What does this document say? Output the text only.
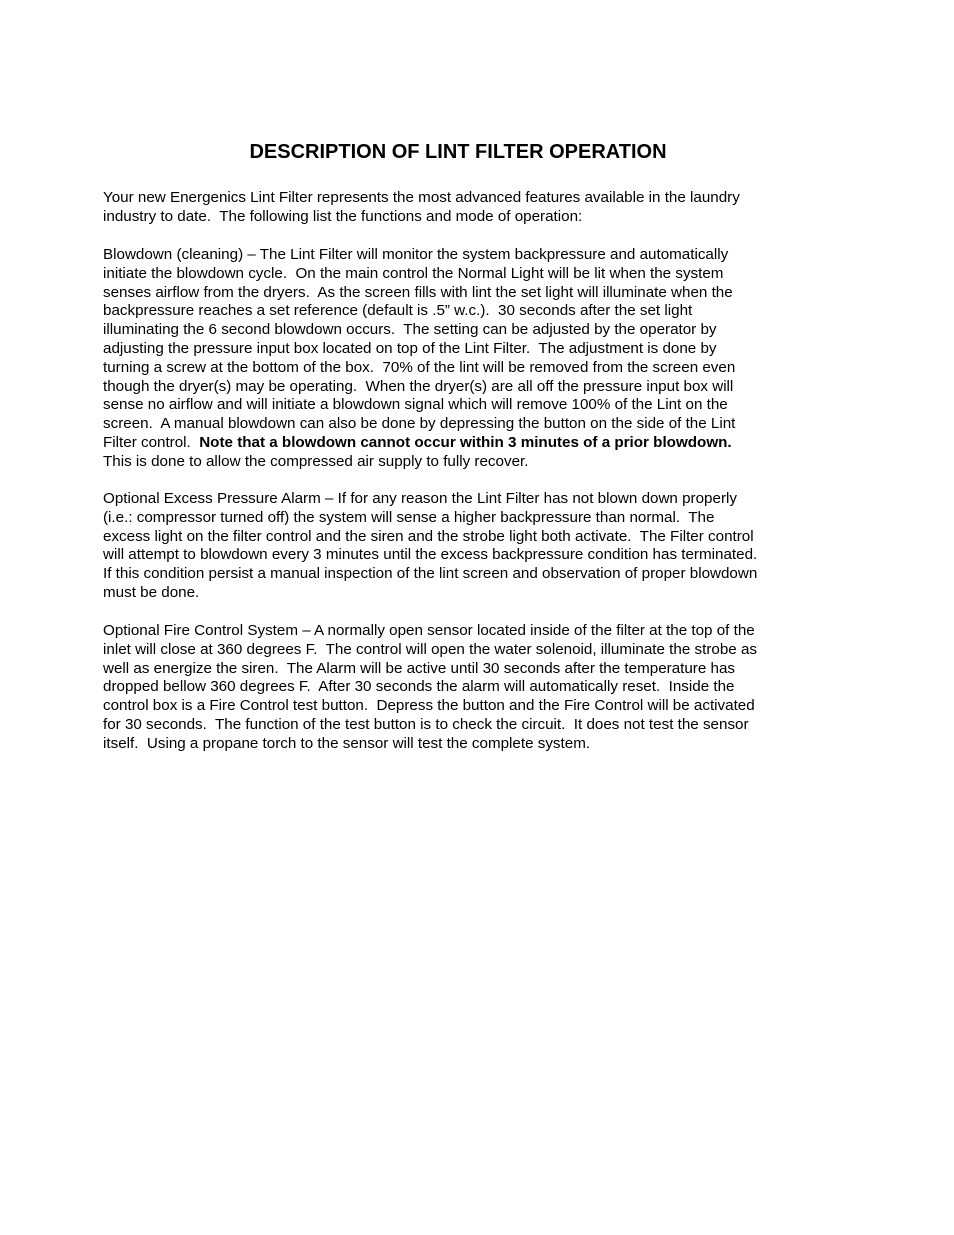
DESCRIPTION OF LINT FILTER OPERATION

Your new Energenics Lint Filter represents the most advanced features available in the laundry
industry to date.  The following list the functions and mode of operation:

Blowdown (cleaning) – The Lint Filter will monitor the system backpressure and automatically
initiate the blowdown cycle.  On the main control the Normal Light will be lit when the system
senses airflow from the dryers.  As the screen fills with lint the set light will illuminate when the
backpressure reaches a set reference (default is .5” w.c.).  30 seconds after the set light
illuminating the 6 second blowdown occurs.  The setting can be adjusted by the operator by
adjusting the pressure input box located on top of the Lint Filter.  The adjustment is done by
turning a screw at the bottom of the box.  70% of the lint will be removed from the screen even
though the dryer(s) may be operating.  When the dryer(s) are all off the pressure input box will
sense no airflow and will initiate a blowdown signal which will remove 100% of the Lint on the
screen.  A manual blowdown can also be done by depressing the button on the side of the Lint
Filter control.  Note that a blowdown cannot occur within 3 minutes of a prior blowdown.
This is done to allow the compressed air supply to fully recover.

Optional Excess Pressure Alarm – If for any reason the Lint Filter has not blown down properly
(i.e.: compressor turned off) the system will sense a higher backpressure than normal.  The
excess light on the filter control and the siren and the strobe light both activate.  The Filter control
will attempt to blowdown every 3 minutes until the excess backpressure condition has terminated.
If this condition persist a manual inspection of the lint screen and observation of proper blowdown
must be done.

Optional Fire Control System – A normally open sensor located inside of the filter at the top of the
inlet will close at 360 degrees F.  The control will open the water solenoid, illuminate the strobe as
well as energize the siren.  The Alarm will be active until 30 seconds after the temperature has
dropped bellow 360 degrees F.  After 30 seconds the alarm will automatically reset.  Inside the
control box is a Fire Control test button.  Depress the button and the Fire Control will be activated
for 30 seconds.  The function of the test button is to check the circuit.  It does not test the sensor
itself.  Using a propane torch to the sensor will test the complete system.
